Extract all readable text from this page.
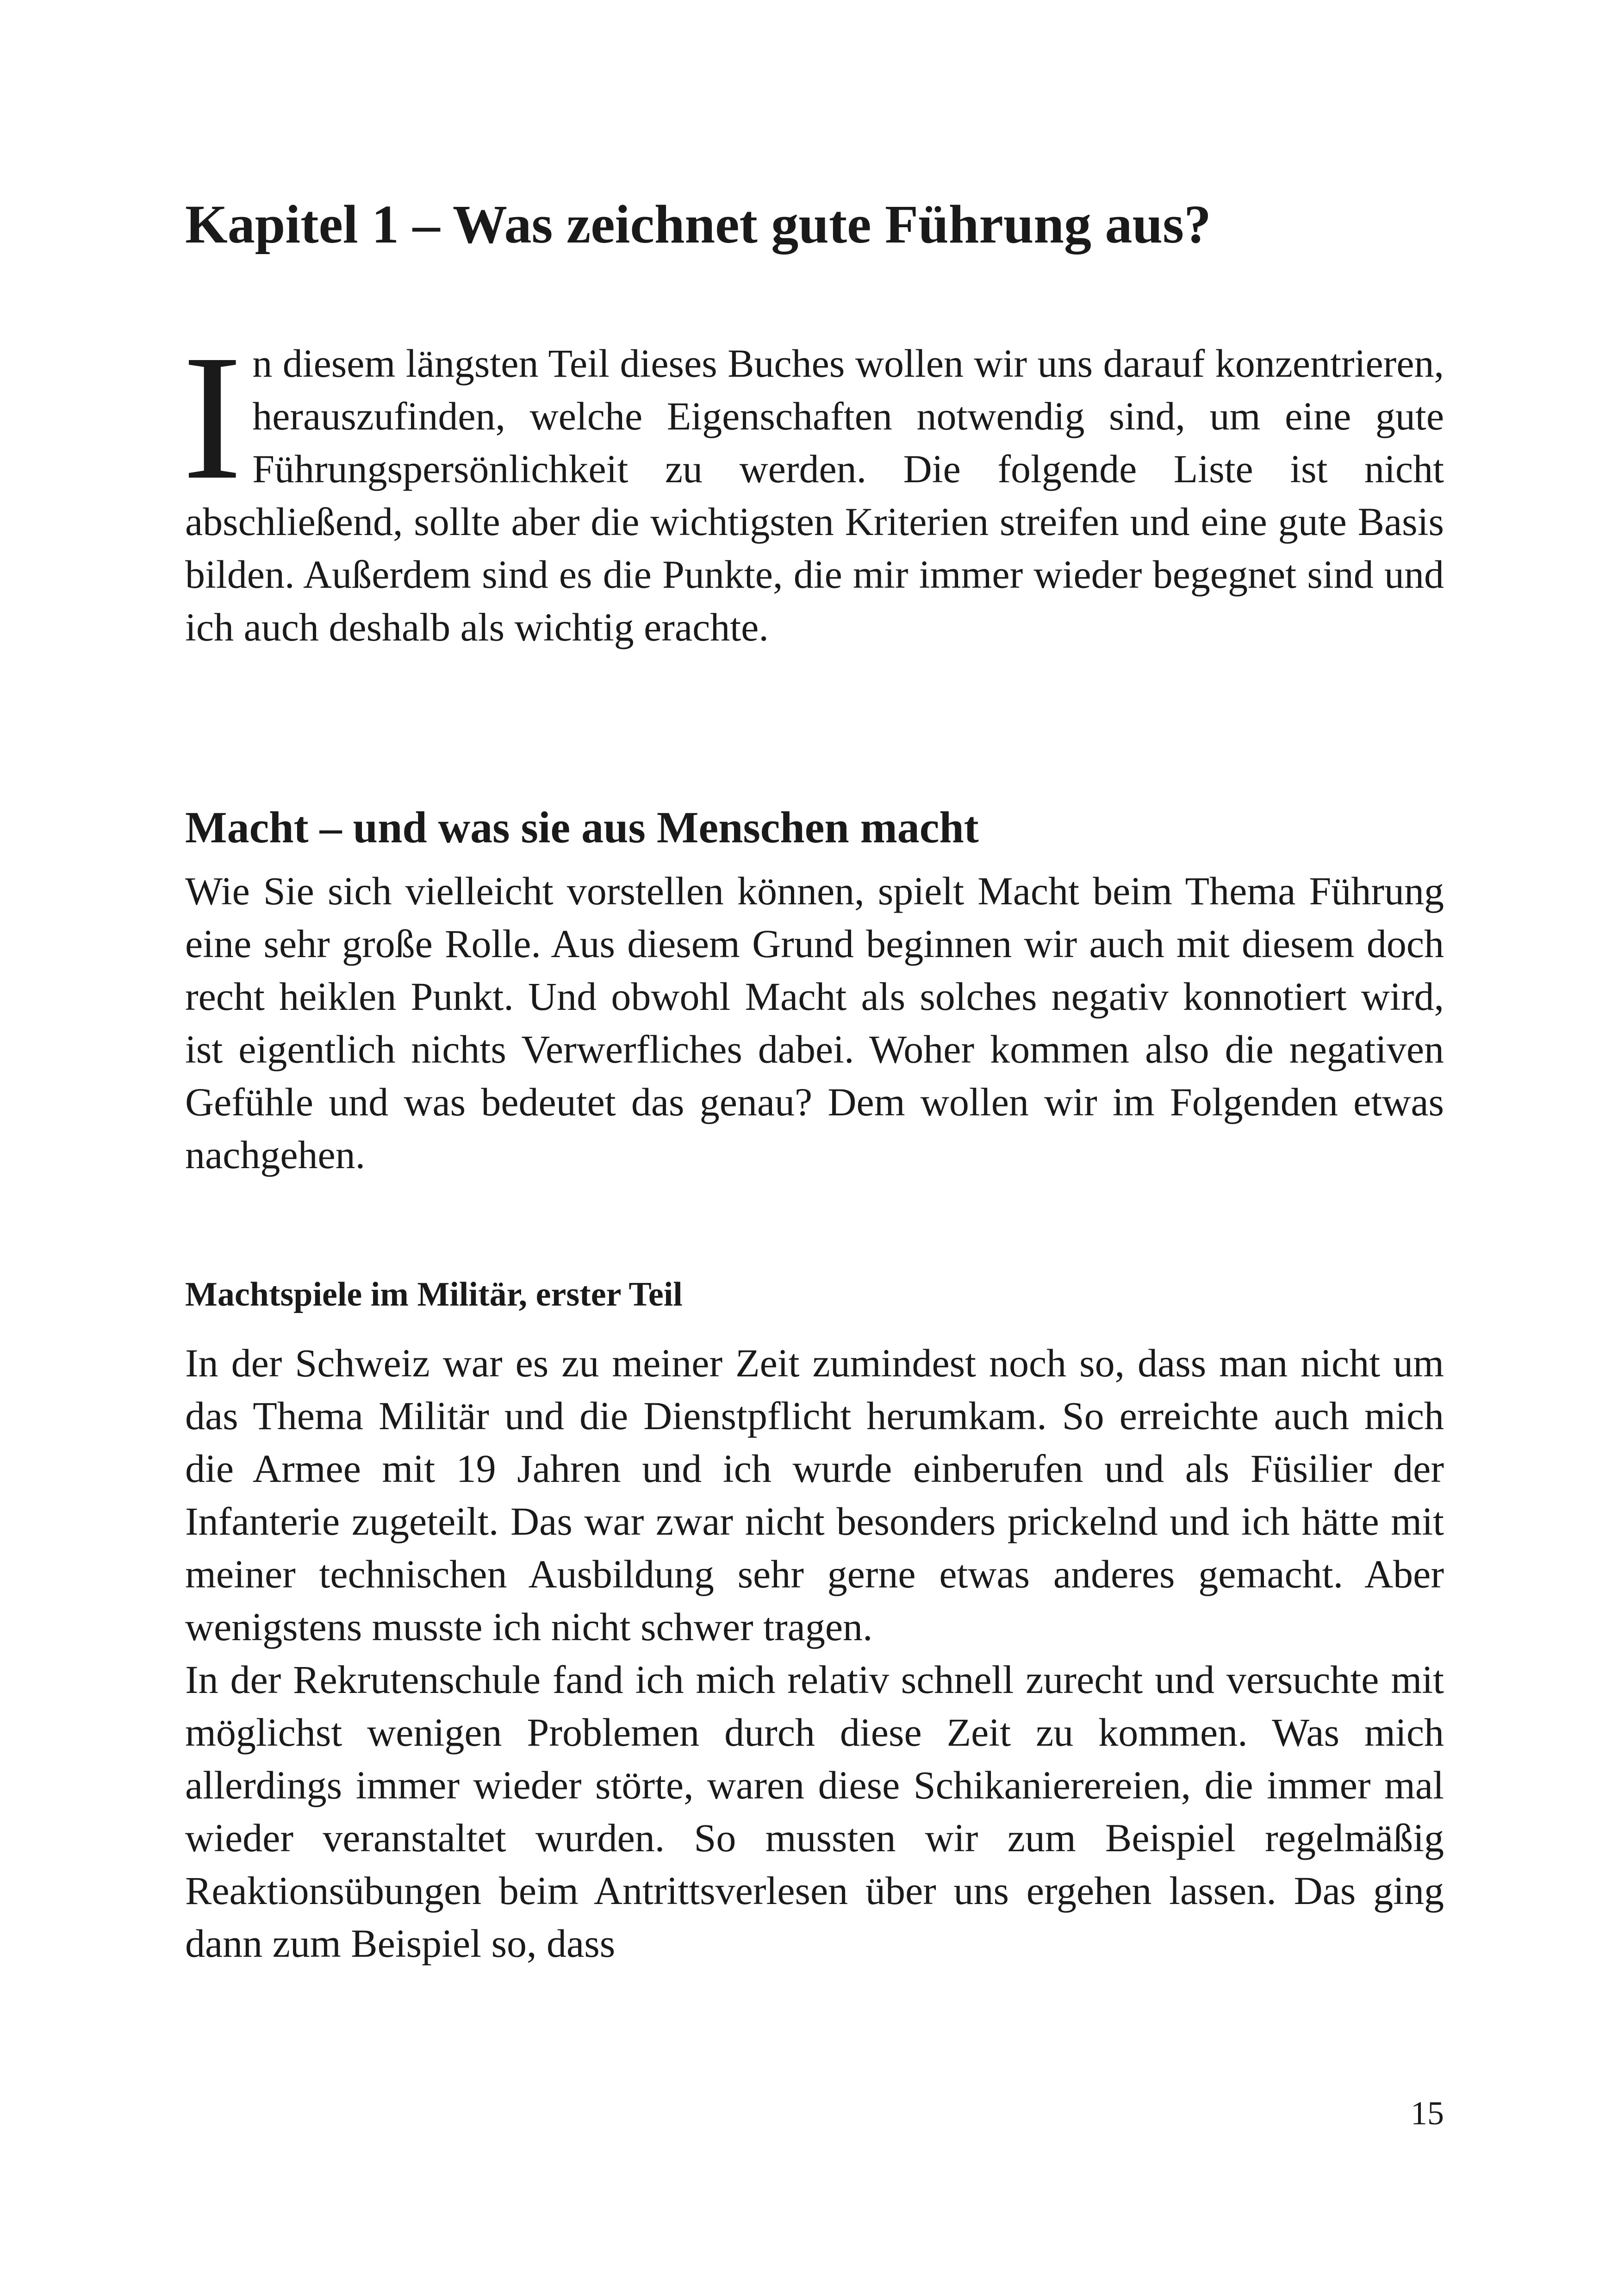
Kapitel 1 – Was zeichnet gute Führung aus?
I n diesem längsten Teil dieses Buches wollen wir uns darauf konzentrieren, herauszufinden, welche Eigenschaften notwendig sind, um eine gute Führungspersönlichkeit zu werden. Die folgende Liste ist nicht abschließend, sollte aber die wichtigsten Kriterien streifen und eine gute Basis bilden. Außerdem sind es die Punkte, die mir immer wieder begegnet sind und ich auch deshalb als wichtig erachte.
Macht – und was sie aus Menschen macht

Wie Sie sich vielleicht vorstellen können, spielt Macht beim Thema Führung eine sehr große Rolle. Aus diesem Grund beginnen wir auch mit diesem doch recht heiklen Punkt. Und obwohl Macht als solches negativ konnotiert wird, ist eigentlich nichts Verwerfliches dabei. Woher kommen also die negativen Gefühle und was bedeutet das genau? Dem wollen wir im Folgenden etwas nachgehen.

Machtspiele im Militär, erster Teil

In der Schweiz war es zu meiner Zeit zumindest noch so, dass man nicht um das Thema Militär und die Dienstpflicht herumkam. So erreichte auch mich die Armee mit 19 Jahren und ich wurde einberufen und als Füsilier der Infanterie zugeteilt. Das war zwar nicht besonders prickelnd und ich hätte mit meiner technischen Ausbildung sehr gerne etwas anderes gemacht. Aber wenigstens musste ich nicht schwer tragen.

In der Rekrutenschule fand ich mich relativ schnell zurecht und versuchte mit möglichst wenigen Problemen durch diese Zeit zu kommen. Was mich allerdings immer wieder störte, waren diese Schikanierereien, die immer mal wieder veranstaltet wurden. So mussten wir zum Beispiel regelmäßig Reaktionsübungen beim Antrittsverlesen über uns ergehen lassen. Das ging dann zum Beispiel so, dass

15
